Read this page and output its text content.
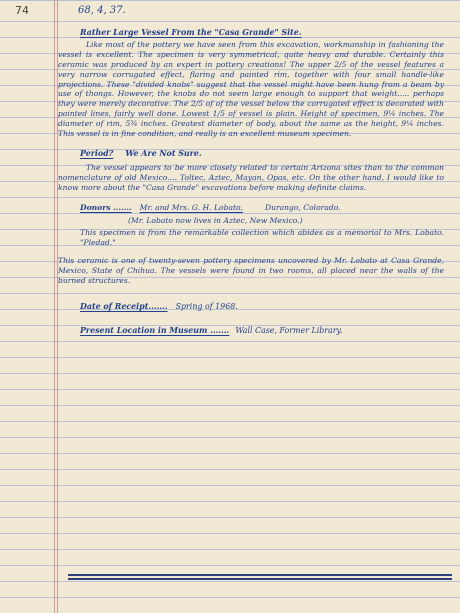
74	68, 4, 37.
Rather Large Vessel From the "Casa Grande" Site.

Like most of the pottery we have seen from this excavation, workmanship in fashioning the vessel is excellent. The specimen is very symmetrical, quite heavy and durable. Certainly this ceramic was produced by an expert in pottery creations! The upper 2/5 of the vessel features a very narrow corrugated effect, flaring and painted rim, together with four small handle-like projections. These "divided knobs" suggest that the vessel might have been hung from a beam by use of thongs. However, the knobs do not seem large enough to support that weight..... perhaps they were merely decorative. The 2/5 of of the vessel below the corrugated effect is decorated with painted lines, fairly well done. Lowest 1/5 of vessel is plain. Height of specimen, 9¼ inches. The diameter of rim, 5¾ inches. Greatest diameter of body, about the same as the height, 9¼ inches. This vessel is in fine condition, and really is an excellent museum specimen.

Period? We Are Not Sure.

The vessel appears to be more closely related to certain Arizona sites than to the common nomenclature of old Mexico.... Toltec, Aztec, Mayan, Opas, etc. On the other hand, I would like to know more about the "Casa Grande" excavations before making definite claims.

Donors ....... Mr. and Mrs. G. H. Lobato,	Durango, Colorado.
(Mr. Lobato now lives in Aztec, New Mexico.)

This specimen is from the remarkable collection which abides as a memorial to Mrs. Lobato. "Pledad."

This ceramic is one of twenty-seven pottery specimens uncovered by Mr. Lobato at Casa Grande, Mexico, State of Chihua. The vessels were found in two rooms, all placed near the walls of the burned structures.

Date of Receipt....... Spring of 1968.
Present Location in Museum ....... Wall Case, Former Library.
